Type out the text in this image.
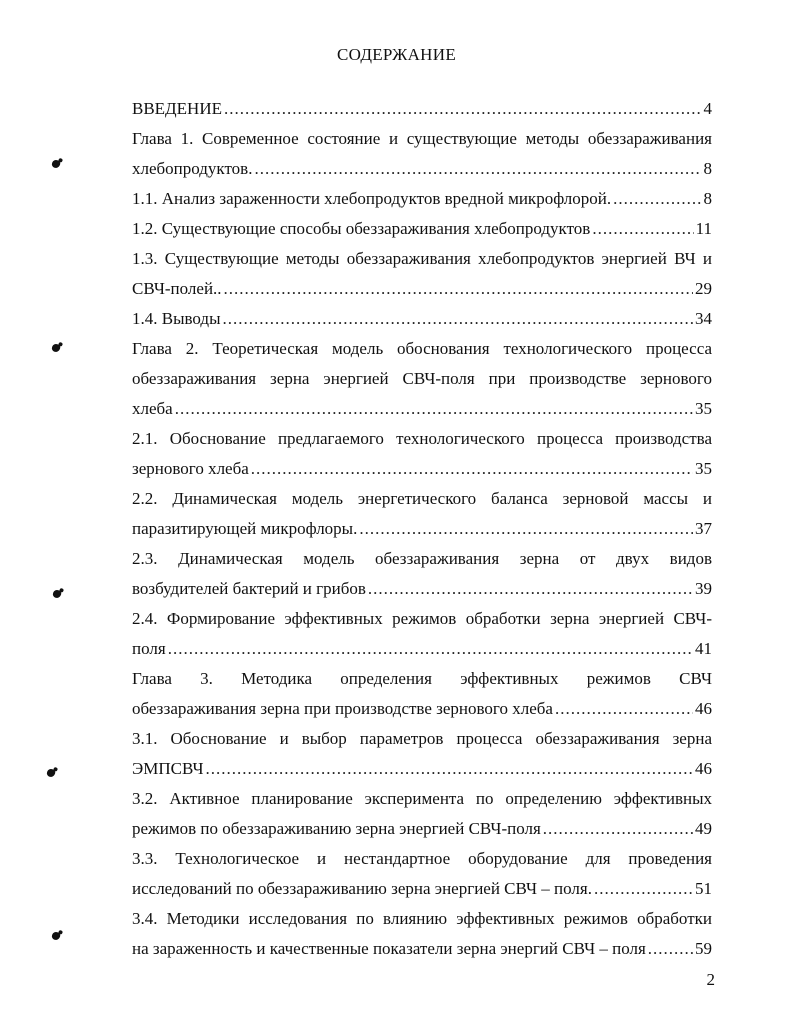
СОДЕРЖАНИЕ
ВВЕДЕНИЕ .....	4
Глава 1. Современное состояние и существующие методы обеззараживания
хлебопродуктов. .....	8
1.1. Анализ зараженности хлебопродуктов вредной микрофлорой. .....	8
1.2. Существующие способы обеззараживания хлебопродуктов .....	11
1.3. Существующие методы обеззараживания хлебопродуктов энергией ВЧ и
СВЧ-полей.. .....	29
1.4. Выводы .....	34
Глава 2. Теоретическая модель обоснования технологического процесса
обеззараживания зерна энергией СВЧ-поля при производстве зернового
хлеба .....	35
2.1. Обоснование предлагаемого технологического процесса производства
зернового хлеба .....	35
2.2. Динамическая модель энергетического баланса зерновой массы и
паразитирующей микрофлоры. .....	37
2.3. Динамическая модель обеззараживания зерна от двух видов
возбудителей бактерий и грибов .....	39
2.4. Формирование эффективных режимов обработки зерна энергией СВЧ-
поля .....	41
Глава 3. Методика определения эффективных режимов СВЧ
обеззараживания зерна при производстве зернового хлеба .....	46
3.1. Обоснование и выбор параметров процесса обеззараживания зерна
ЭМПСВЧ .....	46
3.2. Активное планирование эксперимента по определению эффективных
режимов по обеззараживанию зерна энергией СВЧ-поля .....	49
3.3. Технологическое и нестандартное оборудование для проведения
исследований по обеззараживанию зерна энергией СВЧ – поля. .....	51
3.4. Методики исследования по влиянию эффективных режимов обработки
на зараженность и качественные показатели зерна энергий СВЧ – поля .....	59
2
